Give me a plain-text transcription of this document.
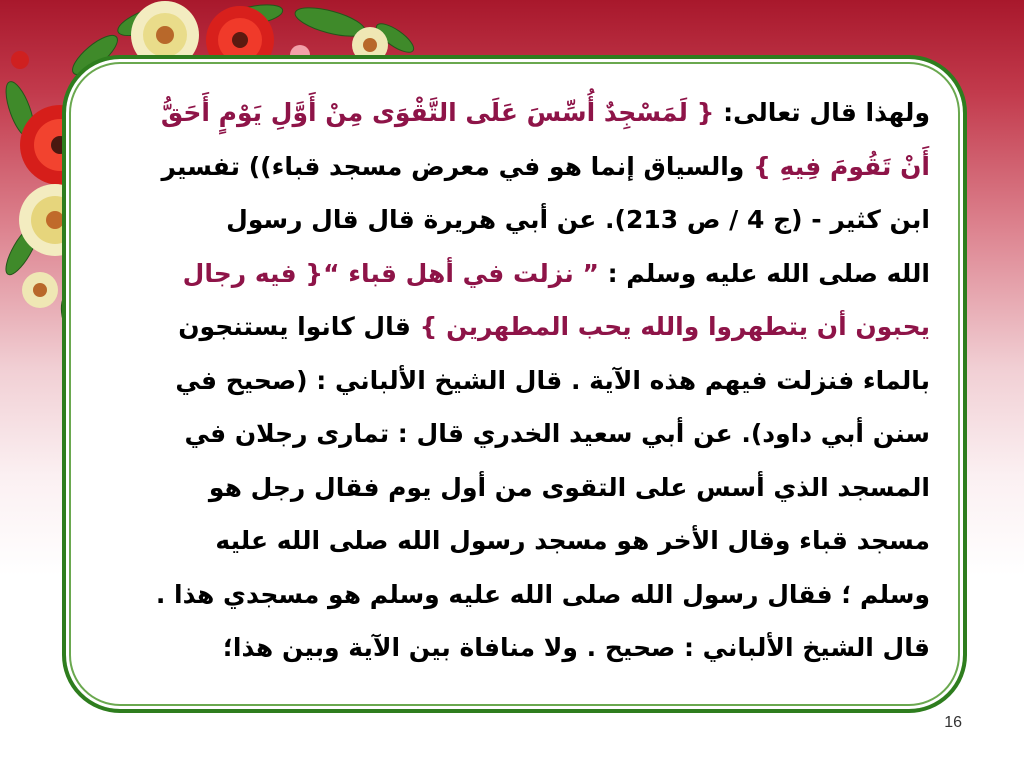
ولهذا قال تعالى: { لَمَسْجِدٌ أُسِّسَ عَلَى التَّقْوَى مِنْ أَوَّلِ يَوْمٍ أَحَقُّ
أَنْ تَقُومَ فِيهِ } والسياق إنما هو في معرض مسجد قباء)) تفسير
ابن كثير - (ج 4 / ص 213). عن أبي هريرة قال قال رسول
الله صلى الله عليه وسلم : ” نزلت في أهل قباء “{ فيه رجال
يحبون أن يتطهروا والله يحب المطهرين } قال كانوا يستنجون
بالماء فنزلت فيهم هذه الآية . قال الشيخ الألباني : (صحيح في
سنن أبي داود). عن أبي سعيد الخدري قال : تمارى رجلان في
المسجد الذي أسس على التقوى من أول يوم فقال رجل هو
مسجد قباء وقال الأخر هو مسجد رسول الله صلى الله عليه
وسلم ؛ فقال رسول الله صلى الله عليه وسلم هو مسجدي هذا .
قال الشيخ الألباني : صحيح . ولا منافاة بين الآية وبين هذا؛
16
